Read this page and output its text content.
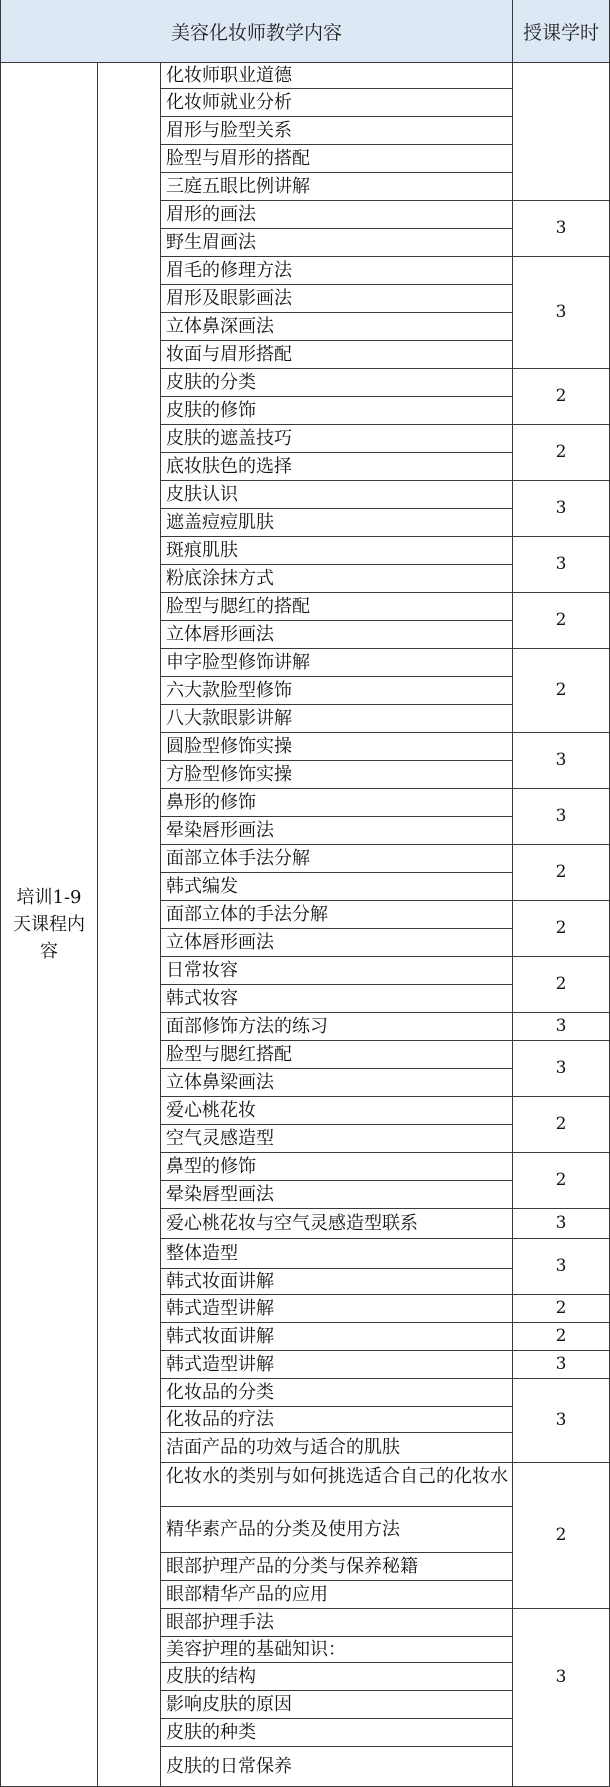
美容化妆师教学内容	授课学时
培训1-9天课程内容
化妆师职业道德
化妆师就业分析
眉形与脸型关系
脸型与眉形的搭配
三庭五眼比例讲解
眉形的画法
野生眉画法
眉毛的修理方法
眉形及眼影画法
立体鼻深画法
妆面与眉形搭配
皮肤的分类
皮肤的修饰
皮肤的遮盖技巧
底妆肤色的选择
皮肤认识
遮盖痘痘肌肤
斑痕肌肤
粉底涂抹方式
脸型与腮红的搭配
立体唇形画法
申字脸型修饰讲解
六大款脸型修饰
八大款眼影讲解
圆脸型修饰实操
方脸型修饰实操
鼻形的修饰
晕染唇形画法
面部立体手法分解
韩式编发
面部立体的手法分解
立体唇形画法
日常妆容
韩式妆容
面部修饰方法的练习
脸型与腮红搭配
立体鼻梁画法
爱心桃花妆
空气灵感造型
鼻型的修饰
晕染唇型画法
爱心桃花妆与空气灵感造型联系
整体造型
韩式妆面讲解
韩式造型讲解
韩式妆面讲解
韩式造型讲解
化妆品的分类
化妆品的疗法
洁面产品的功效与适合的肌肤
化妆水的类别与如何挑选适合自己的化妆水
精华素产品的分类及使用方法
眼部护理产品的分类与保养秘籍
眼部精华产品的应用
眼部护理手法
美容护理的基础知识：
皮肤的结构
影响皮肤的原因
皮肤的种类
皮肤的日常保养
3
3
2
2
3
3
2
2
3
3
2
2
2
3
3
2
2
3
3
2
2
3
3
2
3
